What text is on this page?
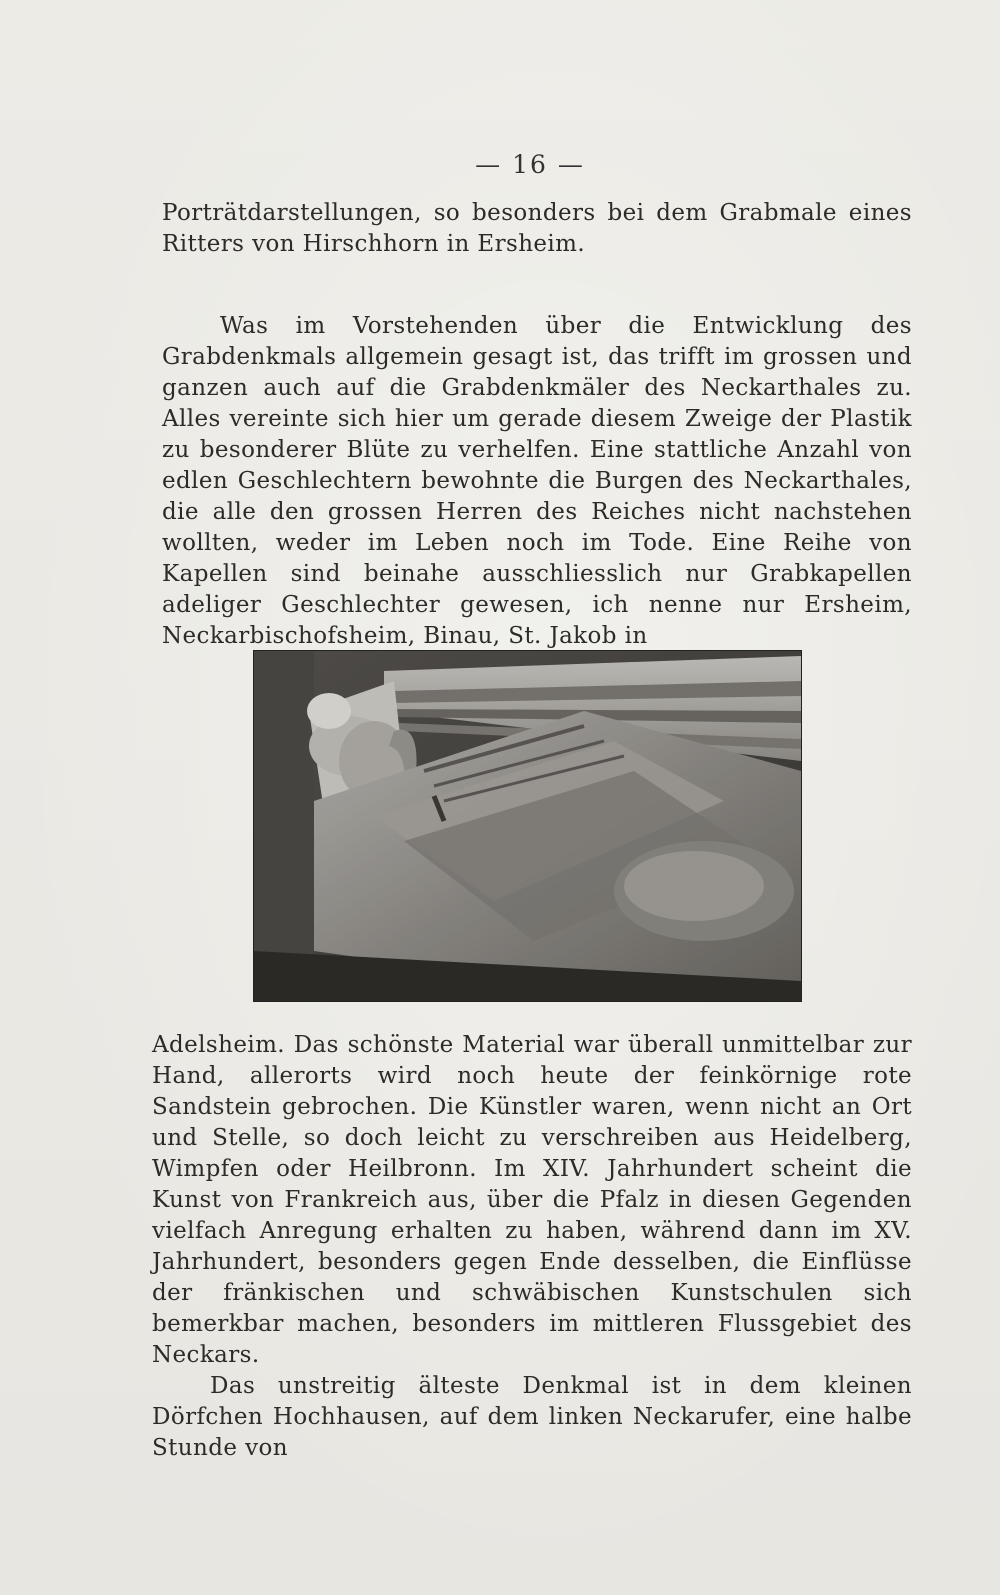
— 16 —

Porträtdarstellungen, so besonders bei dem Grabmale eines Ritters von Hirschhorn in Ersheim.

Was im Vorstehenden über die Entwicklung des Grabdenkmals allgemein gesagt ist, das trifft im grossen und ganzen auch auf die Grabdenkmäler des Neckarthales zu. Alles vereinte sich hier um gerade diesem Zweige der Plastik zu besonderer Blüte zu verhelfen. Eine stattliche Anzahl von edlen Geschlechtern bewohnte die Burgen des Neckarthales, die alle den grossen Herren des Reiches nicht nachstehen wollten, weder im Leben noch im Tode. Eine Reihe von Kapellen sind beinahe ausschliesslich nur Grabkapellen adeliger Geschlechter gewesen, ich nenne nur Ersheim, Neckarbischofsheim, Binau, St. Jakob in

Adelsheim. Das schönste Material war überall unmittelbar zur Hand, allerorts wird noch heute der feinkörnige rote Sandstein gebrochen. Die Künstler waren, wenn nicht an Ort und Stelle, so doch leicht zu verschreiben aus Heidelberg, Wimpfen oder Heilbronn. Im XIV. Jahrhundert scheint die Kunst von Frankreich aus, über die Pfalz in diesen Gegenden vielfach Anregung erhalten zu haben, während dann im XV. Jahrhundert, besonders gegen Ende desselben, die Einflüsse der fränkischen und schwäbischen Kunstschulen sich bemerkbar machen, besonders im mittleren Flussgebiet des Neckars.

Das unstreitig älteste Denkmal ist in dem kleinen Dörfchen Hochhausen, auf dem linken Neckarufer, eine halbe Stunde von
